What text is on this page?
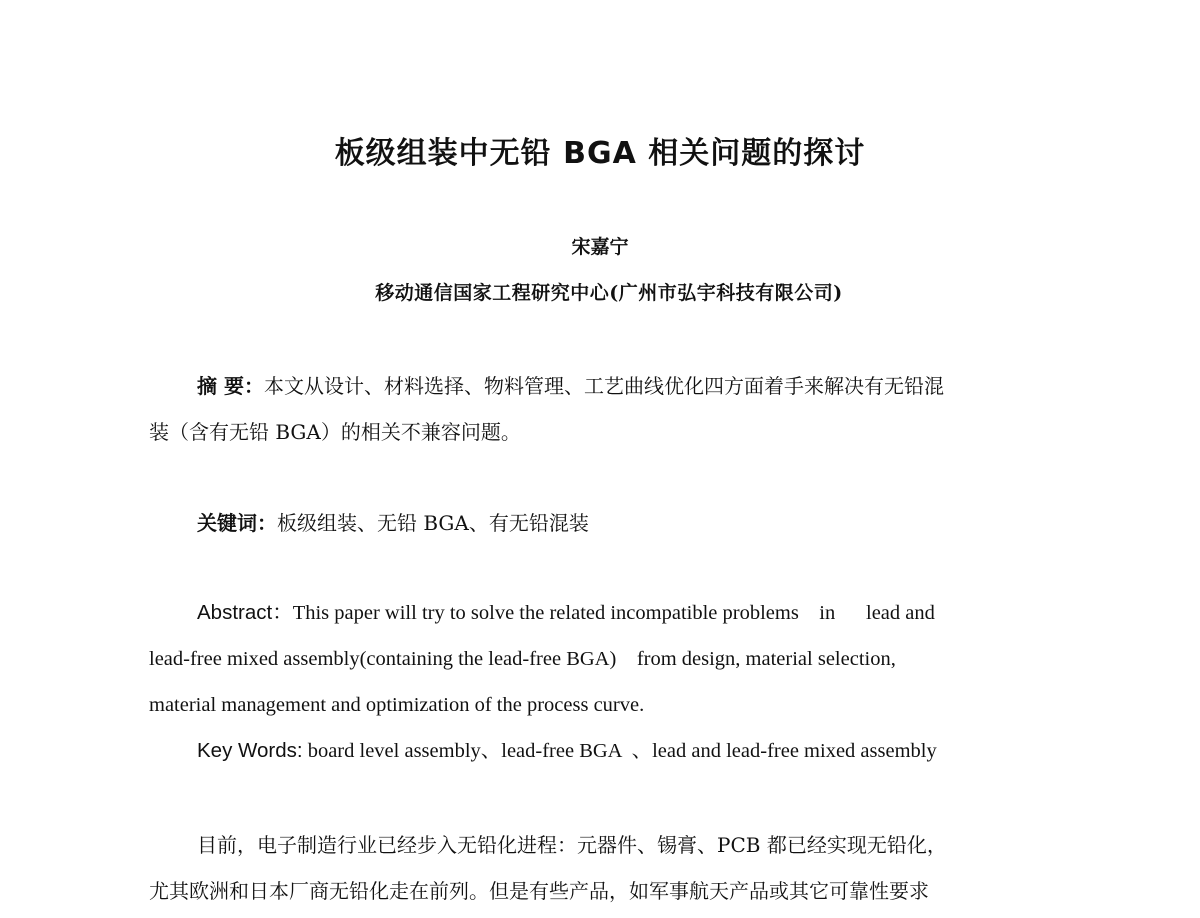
板级组装中无铅 BGA 相关问题的探讨
宋嘉宁
移动通信国家工程研究中心(广州市弘宇科技有限公司)
摘 要：本文从设计、材料选择、物料管理、工艺曲线优化四方面着手来解决有无铅混
装（含有无铅 BGA）的相关不兼容问题。
关键词：板级组装、无铅 BGA、有无铅混装
Abstract：This paper will try to solve the related incompatible problems    in      lead and
lead-free mixed assembly(containing the lead-free BGA)    from design, material selection,
material management and optimization of the process curve.
Key Words: board level assembly、lead-free BGA  、lead and lead-free mixed assembly
目前，电子制造行业已经步入无铅化进程：元器件、锡膏、PCB 都已经实现无铅化，
尤其欧洲和日本厂商无铅化走在前列。但是有些产品，如军事航天产品或其它可靠性要求
